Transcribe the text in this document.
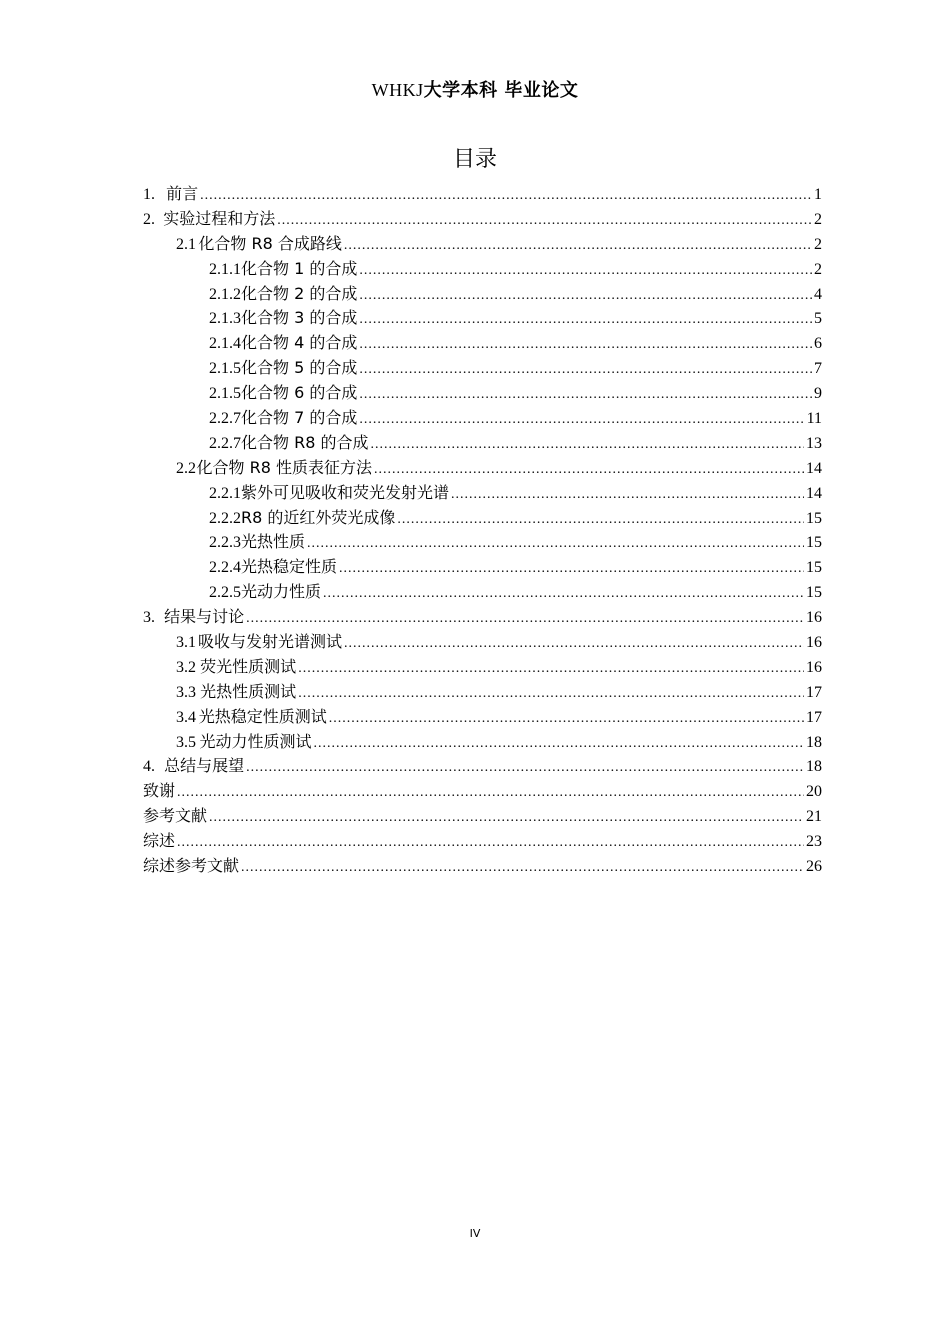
WHKJ大学本科 毕业论文
目录
1. 前言 .....	1
2. 实验过程和方法 .....	2
2.1 化合物 R8 合成路线 .....	2
2.1.1 化合物 1 的合成 .....	2
2.1.2 化合物 2 的合成 .....	4
2.1.3 化合物 3 的合成 .....	5
2.1.4 化合物 4 的合成 .....	6
2.1.5 化合物 5 的合成 .....	7
2.1.5 化合物 6 的合成 .....	9
2.2.7 化合物 7 的合成 .....	11
2.2.7 化合物 R8 的合成 .....	13
2.2 化合物 R8 性质表征方法 .....	14
2.2.1 紫外可见吸收和荧光发射光谱 .....	14
2.2.2 R8 的近红外荧光成像 .....	15
2.2.3 光热性质 .....	15
2.2.4 光热稳定性质 .....	15
2.2.5 光动力性质 .....	15
3. 结果与讨论 .....	16
3.1 吸收与发射光谱测试 .....	16
3.2 荧光性质测试 .....	16
3.3 光热性质测试 .....	17
3.4 光热稳定性质测试 .....	17
3.5 光动力性质测试 .....	18
4. 总结与展望 .....	18
致谢 .....	20
参考文献 .....	21
综述 .....	23
综述参考文献 .....	26
IV
